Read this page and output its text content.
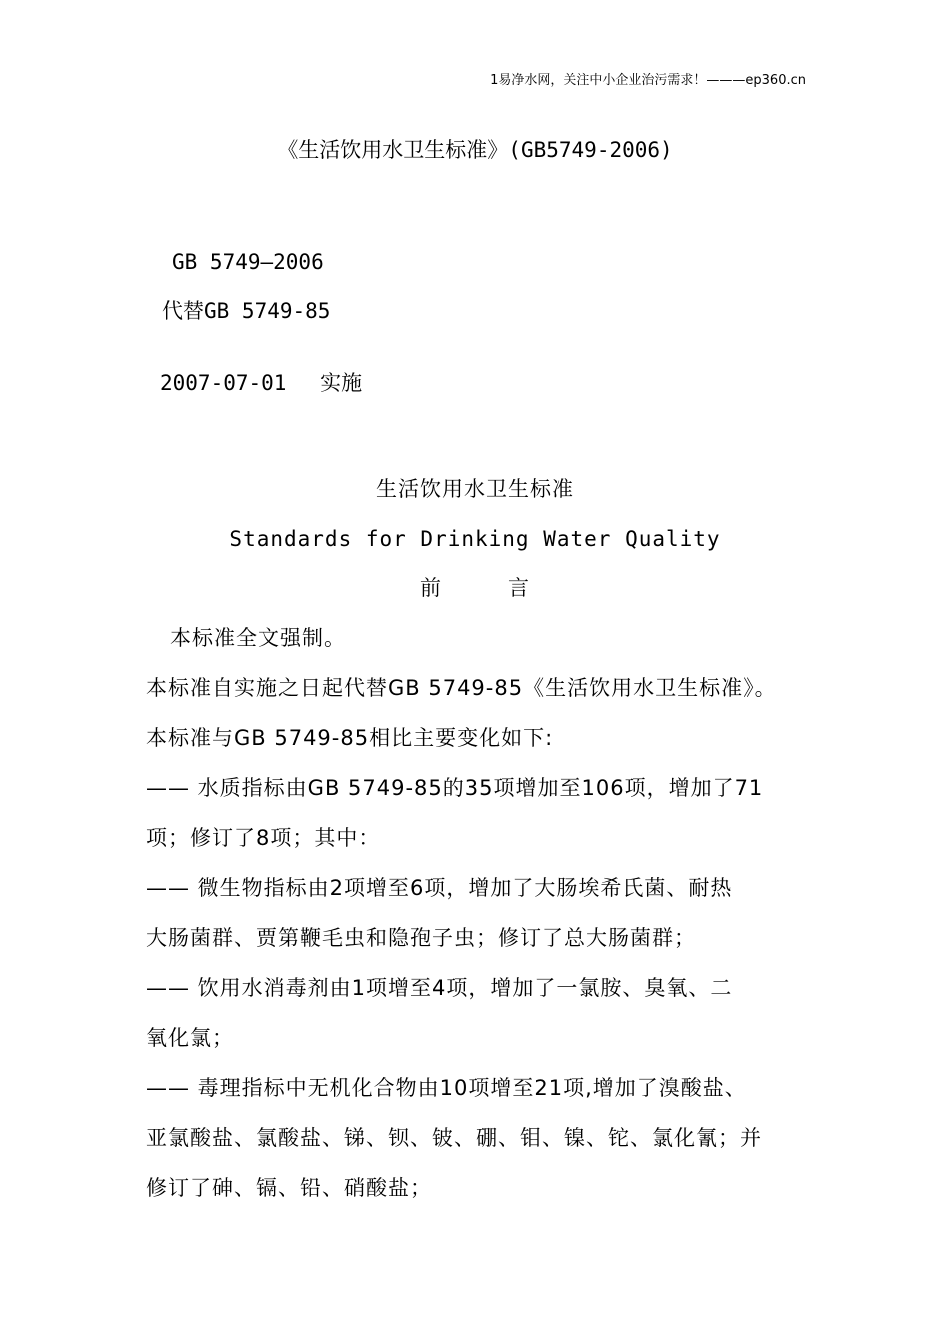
1易净水网，关注中小企业治污需求！———ep360.cn
《生活饮用水卫生标准》(GB5749-2006)
GB 5749—2006
代替GB 5749-85
2007-07-01　 实施
生活饮用水卫生标准
Standards for Drinking Water Quality
前　　　言
本标准全文强制。
本标准自实施之日起代替GB 5749-85《生活饮用水卫生标准》。
本标准与GB 5749-85相比主要变化如下:
—— 水质指标由GB 5749-85的35项增加至106项，增加了71
项；修订了8项；其中：
—— 微生物指标由2项增至6项，增加了大肠埃希氏菌、耐热
大肠菌群、贾第鞭毛虫和隐孢子虫；修订了总大肠菌群；
—— 饮用水消毒剂由1项增至4项，增加了一氯胺、臭氧、二
氧化氯；
—— 毒理指标中无机化合物由10项增至21项,增加了溴酸盐、
亚氯酸盐、氯酸盐、锑、钡、铍、硼、钼、镍、铊、氯化氰；并
修订了砷、镉、铅、硝酸盐；
